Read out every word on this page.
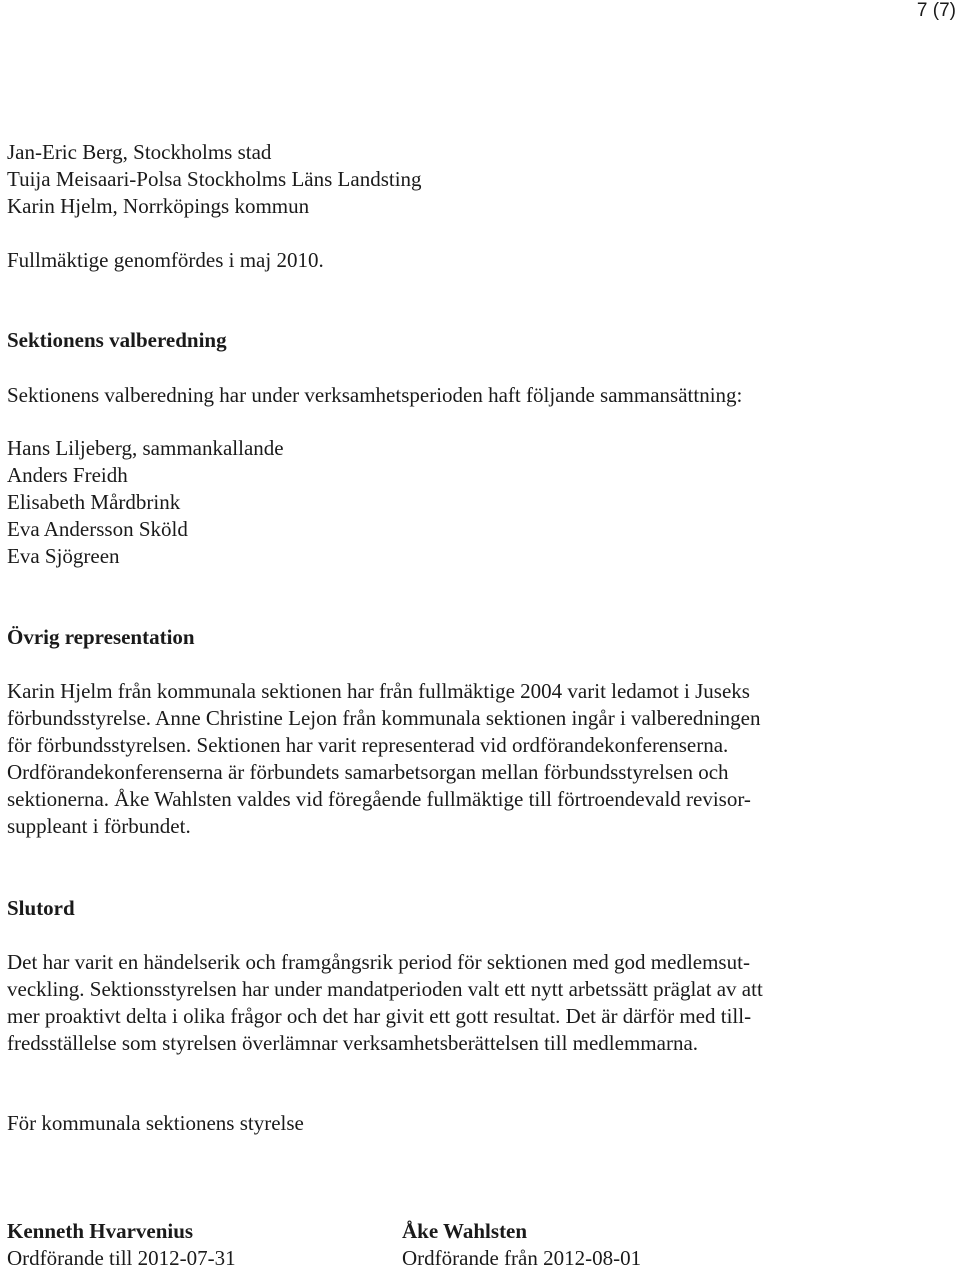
7 (7)
Jan-Eric Berg, Stockholms stad
Tuija Meisaari-Polsa Stockholms Läns Landsting
Karin Hjelm, Norrköpings kommun
Fullmäktige genomfördes i maj 2010.
Sektionens valberedning
Sektionens valberedning har under verksamhetsperioden haft följande sammansättning:
Hans Liljeberg, sammankallande
Anders Freidh
Elisabeth Mårdbrink
Eva Andersson Sköld
Eva Sjögreen
Övrig representation
Karin Hjelm från kommunala sektionen har från fullmäktige 2004 varit ledamot i Juseks
förbundsstyrelse. Anne Christine Lejon från kommunala sektionen ingår i valberedningen
för förbundsstyrelsen. Sektionen har varit representerad vid ordförandekonferenserna.
Ordförandekonferenserna är förbundets samarbetsorgan mellan förbundsstyrelsen och
sektionerna. Åke Wahlsten valdes vid föregående fullmäktige till förtroendevald revisor-
suppleant i förbundet.
Slutord
Det har varit en händelserik och framgångsrik period för sektionen med god medlemsut-
veckling. Sektionsstyrelsen har under mandatperioden valt ett nytt arbetssätt präglat av att
mer proaktivt delta i olika frågor och det har givit ett gott resultat. Det är därför med till-
fredsställelse som styrelsen överlämnar verksamhetsberättelsen till medlemmarna.
För kommunala sektionens styrelse
Kenneth Hvarvenius
Ordförande till 2012-07-31
Åke Wahlsten
Ordförande från 2012-08-01
